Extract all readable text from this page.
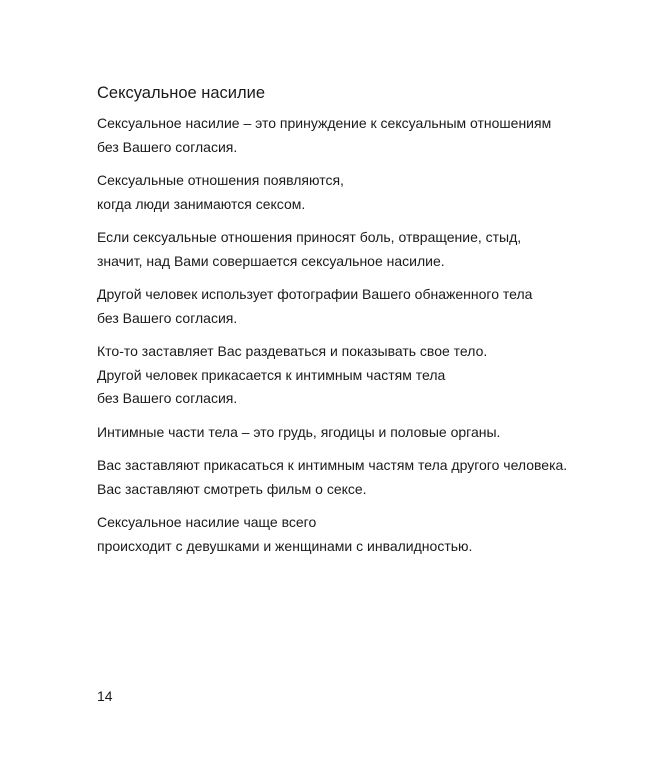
Сексуальное насилие

Сексуальное насилие – это принуждение к сексуальным отношениям
без Вашего согласия.

Сексуальные отношения появляются,
когда люди занимаются сексом.

Если сексуальные отношения приносят боль, отвращение, стыд,
значит, над Вами совершается сексуальное насилие.

Другой человек использует фотографии Вашего обнаженного тела
без Вашего согласия.

Кто-то заставляет Вас раздеваться и показывать свое тело.
Другой человек прикасается к интимным частям тела
без Вашего согласия.

Интимные части тела – это грудь, ягодицы и половые органы.

Вас заставляют прикасаться к интимным частям тела другого человека.
Вас заставляют смотреть фильм о сексе.

Сексуальное насилие чаще всего
происходит с девушками и женщинами с инвалидностью.

14
